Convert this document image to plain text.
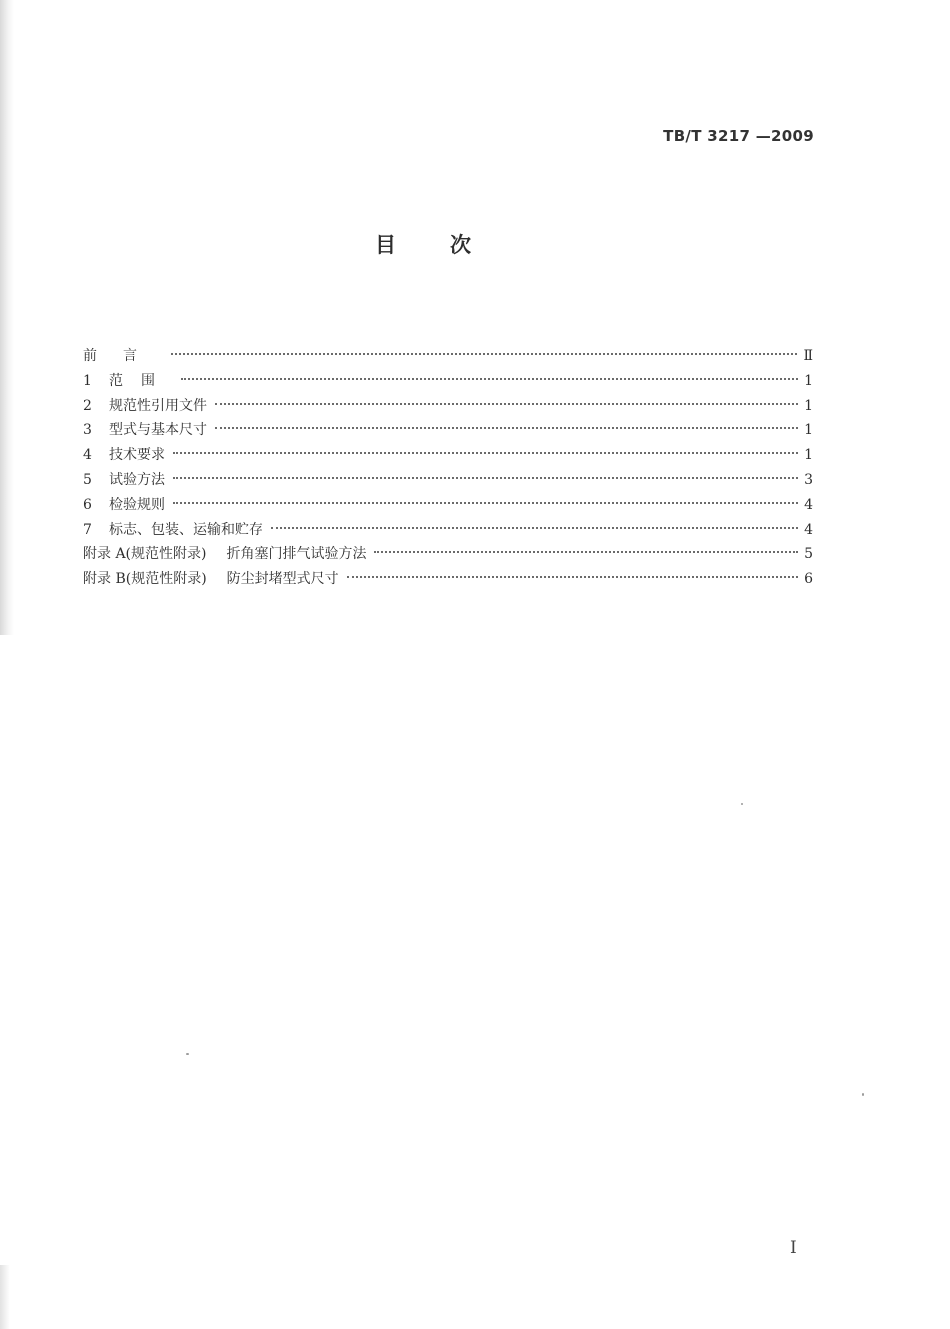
TB/T 3217 —2009
目次
前言	Ⅱ
1	范围	1
2	规范性引用文件	1
3	型式与基本尺寸	1
4	技术要求	1
5	试验方法	3
6	检验规则	4
7	标志、包装、运输和贮存	4
附录 A(规范性附录) 折角塞门排气试验方法	5
附录 B(规范性附录) 防尘封堵型式尺寸	6
I
